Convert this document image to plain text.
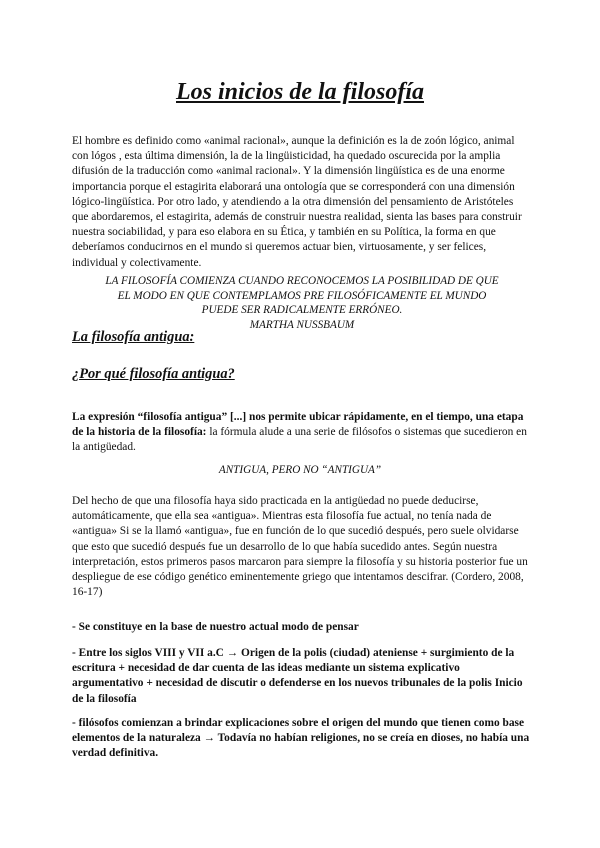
Los inicios de la filosofía

El hombre es definido como «animal racional», aunque la definición es la de zoón lógico, animal con lógos , esta última dimensión, la de la lingüisticidad, ha quedado oscurecida por la amplia difusión de la traducción como «animal racional». Y la dimensión lingüística es de una enorme importancia porque el estagirita elaborará una ontología que se corresponderá con una dimensión lógico-lingüística. Por otro lado, y atendiendo a la otra dimensión del pensamiento de Aristóteles que abordaremos, el estagirita, además de construir nuestra realidad, sienta las bases para construir nuestra sociabilidad, y para eso elabora en su Ética, y también en su Política, la forma en que deberíamos conducirnos en el mundo si queremos actuar bien, virtuosamente, y ser felices, individual y colectivamente.

LA FILOSOFÍA COMIENZA CUANDO RECONOCEMOS LA POSIBILIDAD DE QUE
EL MODO EN QUE CONTEMPLAMOS PRE FILOSÓFICAMENTE EL MUNDO
PUEDE SER RADICALMENTE ERRÓNEO.
MARTHA NUSSBAUM
La filosofía antigua:
¿Por qué filosofía antigua?

La expresión “filosofía antigua” [...] nos permite ubicar rápidamente, en el tiempo, una etapa de la historia de la filosofía: la fórmula alude a una serie de filósofos o sistemas que sucedieron en la antigüedad.

ANTIGUA, PERO NO “ANTIGUA”

Del hecho de que una filosofía haya sido practicada en la antigüedad no puede deducirse, automáticamente, que ella sea «antigua». Mientras esta filosofía fue actual, no tenía nada de «antigua» Si se la llamó «antigua», fue en función de lo que sucedió después, pero suele olvidarse que esto que sucedió después fue un desarrollo de lo que había sucedido antes. Según nuestra interpretación, estos primeros pasos marcaron para siempre la filosofía y su historia posterior fue un despliegue de ese código genético eminentemente griego que intentamos descifrar. (Cordero, 2008, 16-17)

- Se constituye en la base de nuestro actual modo de pensar

- Entre los siglos VIII y VII a.C → Origen de la polis (ciudad) ateniense + surgimiento de la escritura + necesidad de dar cuenta de las ideas mediante un sistema explicativo argumentativo + necesidad de discutir o defenderse en los nuevos tribunales de la polis Inicio de la filosofía

- filósofos comienzan a brindar explicaciones sobre el origen del mundo que tienen como base elementos de la naturaleza → Todavía no habían religiones, no se creía en dioses, no había una verdad definitiva.
